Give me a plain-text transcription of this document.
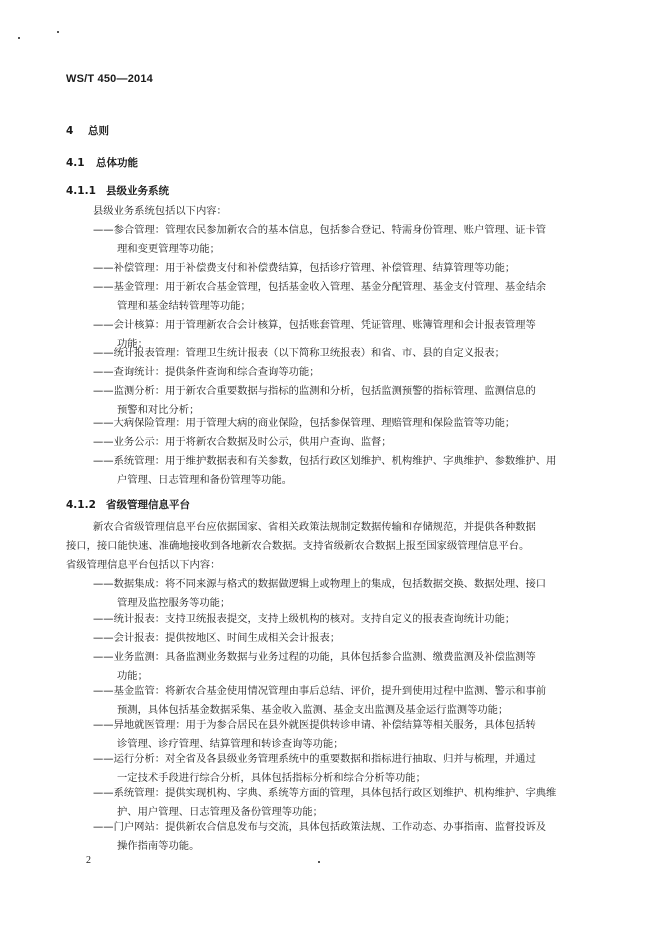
WS/T 450—2014
4 总则
4.1 总体功能
4.1.1 县级业务系统
县级业务系统包括以下内容：
——参合管理：管理农民参加新农合的基本信息，包括参合登记、特需身份管理、账户管理、证卡管
理和变更管理等功能；
——补偿管理：用于补偿费支付和补偿费结算，包括诊疗管理、补偿管理、结算管理等功能；
——基金管理：用于新农合基金管理，包括基金收入管理、基金分配管理、基金支付管理、基金结余
管理和基金结转管理等功能；
——会计核算：用于管理新农合会计核算，包括账套管理、凭证管理、账簿管理和会计报表管理等
功能；
——统计报表管理：管理卫生统计报表（以下简称卫统报表）和省、市、县的自定义报表；
——查询统计：提供条件查询和综合查询等功能；
——监测分析：用于新农合重要数据与指标的监测和分析，包括监测预警的指标管理、监测信息的
预警和对比分析；
——大病保险管理：用于管理大病的商业保险，包括参保管理、理赔管理和保险监管等功能；
——业务公示：用于将新农合数据及时公示，供用户查询、监督；
——系统管理：用于维护数据表和有关参数，包括行政区划维护、机构维护、字典维护、参数维护、用
户管理、日志管理和备份管理等功能。
4.1.2 省级管理信息平台
新农合省级管理信息平台应依据国家、省相关政策法规制定数据传输和存储规范，并提供各种数据
接口，接口能快速、准确地接收到各地新农合数据。支持省级新农合数据上报至国家级管理信息平台。
省级管理信息平台包括以下内容：
——数据集成：将不同来源与格式的数据做逻辑上或物理上的集成，包括数据交换、数据处理、接口
管理及监控服务等功能；
——统计报表：支持卫统报表提交，支持上级机构的核对。支持自定义的报表查询统计功能；
——会计报表：提供按地区、时间生成相关会计报表；
——业务监测：具备监测业务数据与业务过程的功能，具体包括参合监测、缴费监测及补偿监测等
功能；
——基金监管：将新农合基金使用情况管理由事后总结、评价，提升到使用过程中监测、警示和事前
预测，具体包括基金数据采集、基金收入监测、基金支出监测及基金运行监测等功能；
——异地就医管理：用于为参合居民在县外就医提供转诊申请、补偿结算等相关服务，具体包括转
诊管理、诊疗管理、结算管理和转诊查询等功能；
——运行分析：对全省及各县级业务管理系统中的重要数据和指标进行抽取、归并与梳理，并通过
一定技术手段进行综合分析，具体包括指标分析和综合分析等功能；
——系统管理：提供实现机构、字典、系统等方面的管理，具体包括行政区划维护、机构维护、字典维
护、用户管理、日志管理及备份管理等功能；
——门户网站：提供新农合信息发布与交流，具体包括政策法规、工作动态、办事指南、监督投诉及
操作指南等功能。
2
